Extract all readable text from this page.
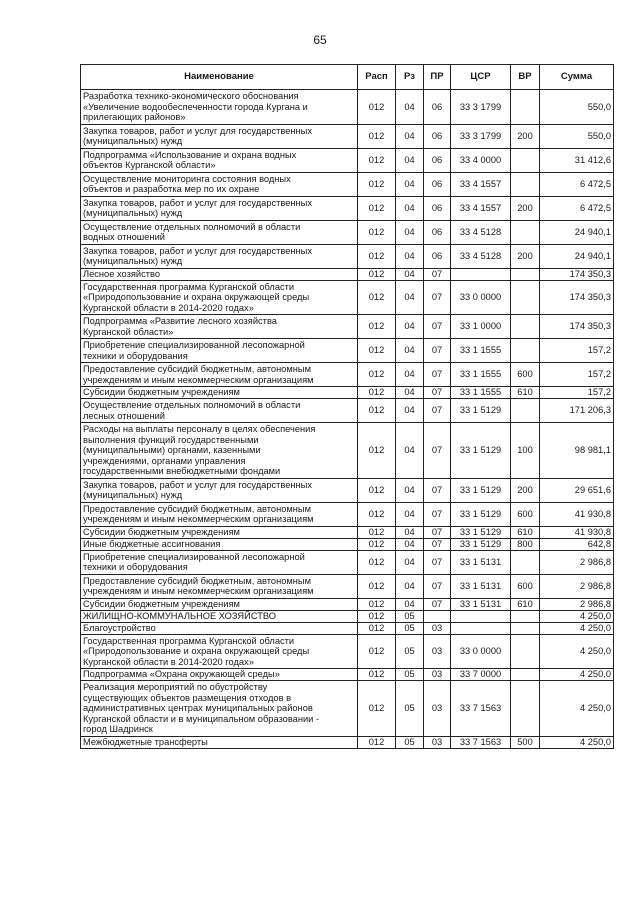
65
Наименование	Расп	Рз	ПР	ЦСР	ВР	Сумма
Разработка технико-экономического обоснования
«Увеличение водообеспеченности города Кургана и
прилегающих районов»	012	04	06	33 3 1799		550,0
Закупка товаров, работ и услуг для государственных
(муниципальных) нужд	012	04	06	33 3 1799	200	550,0
Подпрограмма «Использование и охрана водных
объектов Курганской области»	012	04	06	33 4 0000		31 412,6
Осуществление мониторинга состояния водных
объектов и разработка мер по их охране	012	04	06	33 4 1557		6 472,5
Закупка товаров, работ и услуг для государственных
(муниципальных) нужд	012	04	06	33 4 1557	200	6 472,5
Осуществление отдельных полномочий в области
водных отношений	012	04	06	33 4 5128		24 940,1
Закупка товаров, работ и услуг для государственных
(муниципальных) нужд	012	04	06	33 4 5128	200	24 940,1
Лесное хозяйство	012	04	07			174 350,3
Государственная программа Курганской области
«Природопользование и охрана окружающей среды
Курганской области в 2014-2020 годах»	012	04	07	33 0 0000		174 350,3
Подпрограмма «Развитие лесного хозяйства
Курганской области»	012	04	07	33 1 0000		174 350,3
Приобретение специализированной лесопожарной
техники и оборудования	012	04	07	33 1 1555		157,2
Предоставление субсидий бюджетным, автономным
учреждениям и иным некоммерческим организациям	012	04	07	33 1 1555	600	157,2
Субсидии бюджетным учреждениям	012	04	07	33 1 1555	610	157,2
Осуществление отдельных полномочий в области
лесных отношений	012	04	07	33 1 5129		171 206,3
Расходы на выплаты персоналу в целях обеспечения
выполнения функций государственными
(муниципальными) органами, казенными
учреждениями, органами управления
государственными внебюджетными фондами	012	04	07	33 1 5129	100	98 981,1
Закупка товаров, работ и услуг для государственных
(муниципальных) нужд	012	04	07	33 1 5129	200	29 651,6
Предоставление субсидий бюджетным, автономным
учреждениям и иным некоммерческим организациям	012	04	07	33 1 5129	600	41 930,8
Субсидии бюджетным учреждениям	012	04	07	33 1 5129	610	41 930,8
Иные бюджетные ассигнования	012	04	07	33 1 5129	800	642,8
Приобретение специализированной лесопожарной
техники и оборудования	012	04	07	33 1 5131		2 986,8
Предоставление субсидий бюджетным, автономным
учреждениям и иным некоммерческим организациям	012	04	07	33 1 5131	600	2 986,8
Субсидии бюджетным учреждениям	012	04	07	33 1 5131	610	2 986,8
ЖИЛИЩНО-КОММУНАЛЬНОЕ ХОЗЯЙСТВО	012	05				4 250,0
Благоустройство	012	05	03			4 250,0
Государственная программа Курганской области
«Природопользование и охрана окружающей среды
Курганской области в 2014-2020 годах»	012	05	03	33 0 0000		4 250,0
Подпрограмма «Охрана окружающей среды»	012	05	03	33 7 0000		4 250,0
Реализация мероприятий по обустройству
существующих объектов размещения отходов в
административных центрах муниципальных районов
Курганской области и в муниципальном образовании -
город Шадринск	012	05	03	33 7 1563		4 250,0
Межбюджетные трансферты	012	05	03	33 7 1563	500	4 250,0
